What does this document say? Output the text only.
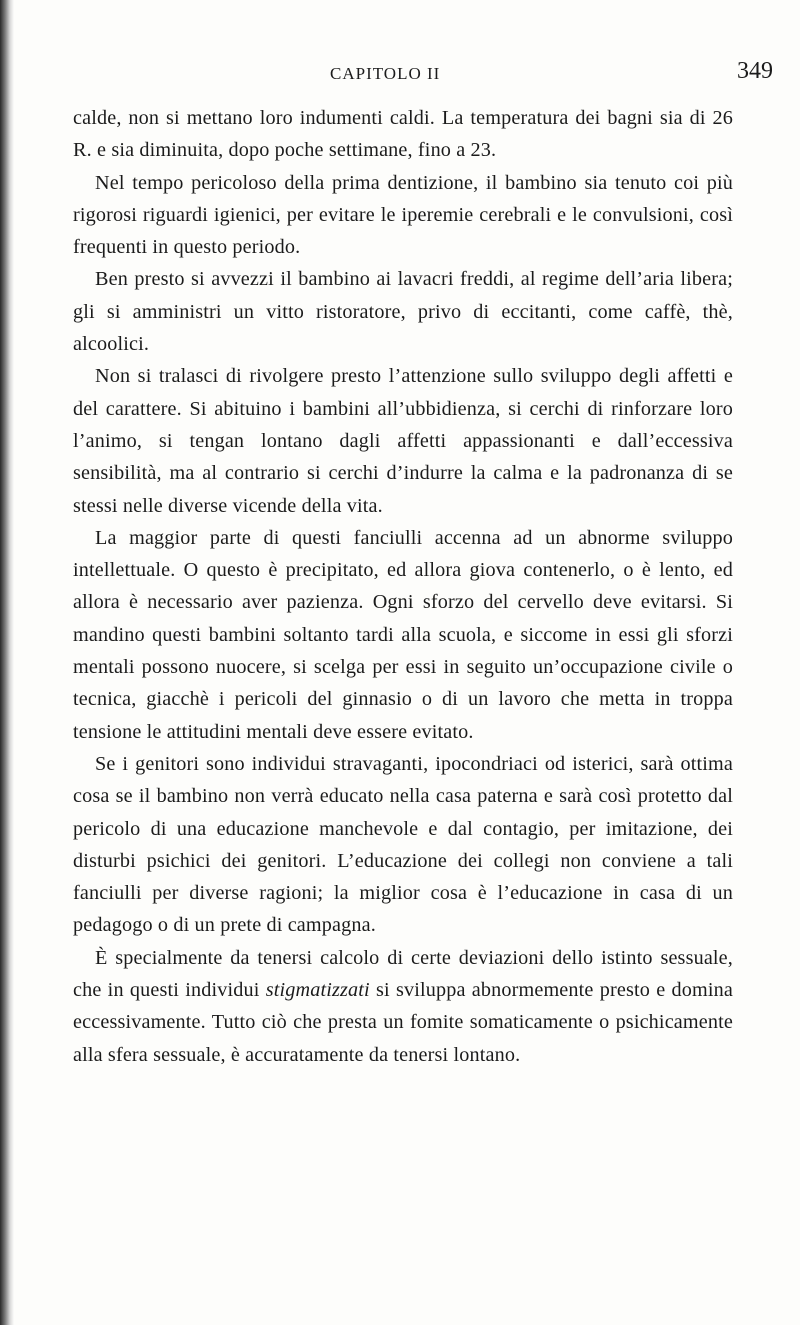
CAPITOLO II	349

calde, non si mettano loro indumenti caldi. La temperatura dei bagni sia di 26 R. e sia diminuita, dopo poche settimane, fino a 23.

Nel tempo pericoloso della prima dentizione, il bambino sia tenuto coi più rigorosi riguardi igienici, per evitare le iperemie cerebrali e le convulsioni, così frequenti in questo periodo.

Ben presto si avvezzi il bambino ai lavacri freddi, al regime dell’aria libera; gli si amministri un vitto ristoratore, privo di eccitanti, come caffè, thè, alcoolici.

Non si tralasci di rivolgere presto l’attenzione sullo sviluppo degli affetti e del carattere. Si abituino i bambini all’ubbidienza, si cerchi di rinforzare loro l’animo, si tengan lontano dagli affetti appassionanti e dall’eccessiva sensibilità, ma al contrario si cerchi d’indurre la calma e la padronanza di se stessi nelle diverse vicende della vita.

La maggior parte di questi fanciulli accenna ad un abnorme sviluppo intellettuale. O questo è precipitato, ed allora giova contenerlo, o è lento, ed allora è necessario aver pazienza. Ogni sforzo del cervello deve evitarsi. Si mandino questi bambini soltanto tardi alla scuola, e siccome in essi gli sforzi mentali possono nuocere, si scelga per essi in seguito un’occupazione civile o tecnica, giacchè i pericoli del ginnasio o di un lavoro che metta in troppa tensione le attitudini mentali deve essere evitato.

Se i genitori sono individui stravaganti, ipocondriaci od isterici, sarà ottima cosa se il bambino non verrà educato nella casa paterna e sarà così protetto dal pericolo di una educazione manchevole e dal contagio, per imitazione, dei disturbi psichici dei genitori. L’educazione dei collegi non conviene a tali fanciulli per diverse ragioni; la miglior cosa è l’educazione in casa di un pedagogo o di un prete di campagna.

È specialmente da tenersi calcolo di certe deviazioni dello istinto sessuale, che in questi individui stigmatizzati si sviluppa abnormemente presto e domina eccessivamente. Tutto ciò che presta un fomite somaticamente o psichicamente alla sfera sessuale, è accuratamente da tenersi lontano.
